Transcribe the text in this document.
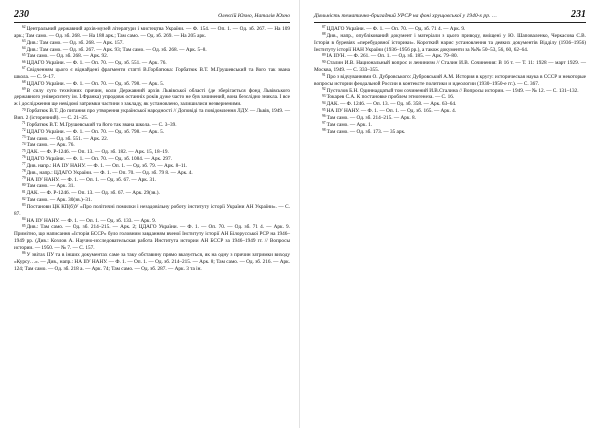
230	Олексій Юхно, Наталія Юхно

$^{62}$Центральний державний архів-музей літератури і мистецтва України. — Ф. 154. — Оп. 1. — Од. зб. 267. — На 109 арк.; Там само. — Од. зб. 268. — На 188 арк.; Там само. — Од. зб. 269. — На 205 арк.

$^{63}$Див.: Там само. — Од. зб. 268. — Арк. 157.

$^{64}$Див.: Там само. — Од. зб. 267. — Арк. 93; Там само. — Од. зб. 268. — Арк. 5–8.

$^{65}$Там само. — Од. зб. 268. — Арк. 92.

$^{66}$ЦДАГО України. — Ф. 1. — Оп. 70. — Од. зб. 551. — Арк. 76.

$^{67}$Свідченням цього є віднайдені фрагменти статті В.Горбатюка: Горбатюк В.Т. М.Грушевський та його так звана школа. — С. 9–17.

$^{68}$ЦДАГО України. — Ф. 1. — Оп. 70. — Од. зб. 798. — Арк. 5.

$^{69}$В силу суто технічних причин, коли Державний архів Львівської області (де зберігається фонд Львівського державного університету ім. І.Франка) упродовж останніх років дуже часто не був зачинений, вона безслідно зникла. І все ж і дослідження ще невідомі затримки частини з закладу, як установлено, залишилися незверненими.

$^{70}$Горбатюк В.Т. До питання про утворення української народності // Доповіді та повідомлення ЛДУ. — Львів, 1949. — Вип. 2 (історичний). — С. 21–25.

$^{71}$Горбатюк В.Т. М.Грушевський та його так звана школа. — С. 3–39.

$^{72}$ЦДАГО України. — Ф. 1. — Оп. 70. — Од. зб. 798. — Арк. 5.

$^{73}$Там само. — Од. зб. 551. — Арк. 22.

$^{74}$Там само. — Арк. 76.

$^{75}$ДАК. — Ф. Р-1246. — Оп. 13. — Од. зб. 182. — Арк. 15, 18–19.

$^{76}$ЦДАГО України. — Ф. 1. — Оп. 70. — Од. зб. 1084. — Арк. 297.

$^{77}$Див. напр.: НА ІІУ НАНУ. — Ф. 1. — Оп. 1. — Од. зб. 79. — Арк. 8–11.

$^{78}$Див., напр.: ЦДАГО України. — Ф. 1. — Оп. 70. — Од. зб. 79 8. — Арк. 4.

$^{79}$НА ІІУ НАНУ. — Ф. 1. — Оп. 1. — Од. зб. 67. — Арк. 31.

$^{80}$Там само. — Арк. 31.

$^{81}$ДАК. — Ф. Р-1246. — Оп. 13. — Од. зб. 67. — Арк. 29(зв.).

$^{82}$Там само. — Арк. 30(зв.)–31.

$^{83}$Постанови ЦК КП(б)У «Про політичні помилки і незадовільну роботу інституту історії України АН України». — С. 87.

$^{84}$НА ІІУ НАНУ. — Ф. 1. — Оп. 1. — Од. зб. 133. — Арк. 9.

$^{85}$Див.: Там само. — Од. зб. 214–215. — Арк. 2; ЦДАГО України. — Ф. 1. — Оп. 70. — Од. зб. 71 4. — Арк. 9. Примітно, що написання «Історія БССР» було головним завданням вченої Інституту історії АН Білорусської РСР на 1946–1949 рр. (Див.: Козлов А. Научно-исследовательская работа Института истории АН БССР за 1946–1949 гг. // Вопросы истории. — 1950. — № 7. — С. 157.

$^{86}$У звітах ІІУ та в інших документах саме за таку обставину прямо вказується, як на одну з причин затримки виходу «Курсу…». — Див., напр.: НА ІІУ НАНУ. — Ф. 1. — Оп. 1. — Од. зб. 214–215. — Арк. 8; Там само. — Од. зб. 216. — Арк. 124; Там само. — Од. зб. 218 а. — Арк. 74; Там само. — Од. зб. 287. — Арк. 3 та ін.

Діяльність тематично-бригадний УРСР на фоні хрущовської у 1940-х pp. …	231

$^{87}$ЦДАГО України. — Ф. 1. — Оп. 70. — Од. зб. 71 4. — Арк. 9.

$^{88}$Див., напр., опублікований документ і матеріали з цього приводу, вміщені у Ю. Шаповаленко, Черкасова С.В. Історія в буревіях «перебудовної історики». Короткий нарис установлення та деяких документів Відділу (1936–1956) Інституту історії НАН України (1936–1956 рр.), а також документи за №№ 50–53, 56, 60, 62–64.

$^{89}$ІА ІІУН. — Ф. 261. — Оп. 1. — Од. зб. 185. — Арк. 79–80.

$^{90}$Сталин И.В. Национальный вопрос и ленинизм // Сталин И.В. Сочинения: В 16 т. — Т. 11: 1928 — март 1929. — Москва, 1949. — С. 333–355.

$^{91}$Про з відчуваннями О. Дубровського: Дубровський А.М. История в кругу: историческая наука в СССР и некоторые вопросы истории феодальной России в контексте политики и идеологии (1930–1950-е гг.). — С. 367.

$^{92}$Пустолов Б.Н. Одиннадцатый том сочинений И.В.Сталина // Вопросы истории. — 1949. — № 12. — С. 131–132.

$^{93}$Токарев С.А. К постановке проблем этногенеза. — С. 16.

$^{94}$ДАК. — Ф. 1246. — Оп. 13. — Од. зб. 358. — Арк. 63–64.

$^{95}$НА ІІУ НАНУ. — Ф. 1. — Оп. 1. — Од. зб. 165. — Арк. 4.

$^{96}$Там само. — Од. зб. 214–215. — Арк. 8.

$^{97}$Там само. — Арк. 1.

$^{98}$Там само. — Од. зб. 173. — 35 арк.
